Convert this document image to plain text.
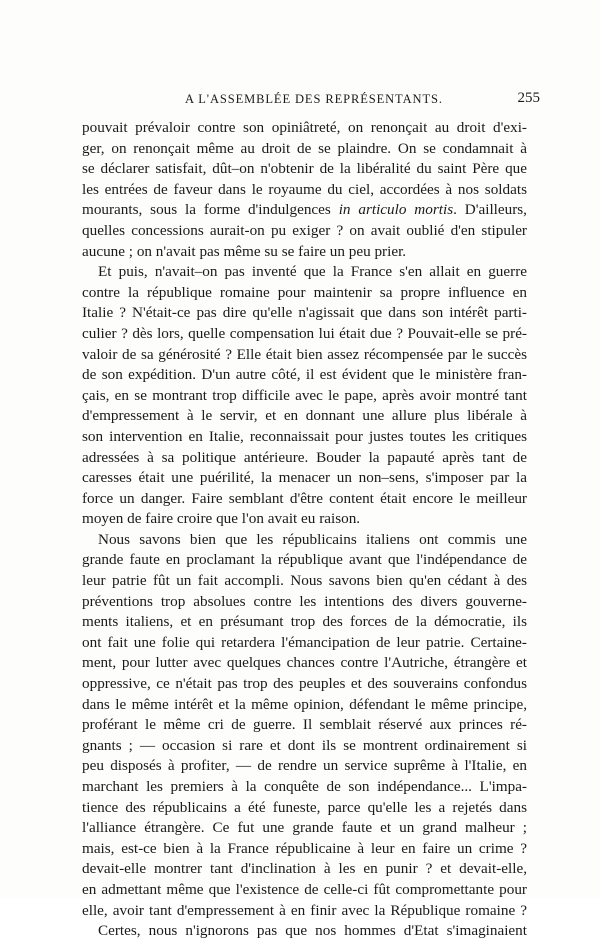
A L'ASSEMBLÉE DES REPRÉSENTANTS.	255
pouvait prévaloir contre son opiniâtreté, on renonçait au droit d'exi-
ger, on renonçait même au droit de se plaindre. On se condamnait à
se déclarer satisfait, dût–on n'obtenir de la libéralité du saint Père que
les entrées de faveur dans le royaume du ciel, accordées à nos soldats
mourants, sous la forme d'indulgences in articulo mortis. D'ailleurs,
quelles concessions aurait-on pu exiger ? on avait oublié d'en stipuler
aucune ; on n'avait pas même su se faire un peu prier.
Et puis, n'avait–on pas inventé que la France s'en allait en guerre
contre la république romaine pour maintenir sa propre influence en
Italie ? N'était-ce pas dire qu'elle n'agissait que dans son intérêt parti-
culier ? dès lors, quelle compensation lui était due ? Pouvait-elle se pré-
valoir de sa générosité ? Elle était bien assez récompensée par le succès
de son expédition. D'un autre côté, il est évident que le ministère fran-
çais, en se montrant trop difficile avec le pape, après avoir montré tant
d'empressement à le servir, et en donnant une allure plus libérale à
son intervention en Italie, reconnaissait pour justes toutes les critiques
adressées à sa politique antérieure. Bouder la papauté après tant de
caresses était une puérilité, la menacer un non–sens, s'imposer par la
force un danger. Faire semblant d'être content était encore le meilleur
moyen de faire croire que l'on avait eu raison.
Nous savons bien que les républicains italiens ont commis une
grande faute en proclamant la république avant que l'indépendance de
leur patrie fût un fait accompli. Nous savons bien qu'en cédant à des
préventions trop absolues contre les intentions des divers gouverne-
ments italiens, et en présumant trop des forces de la démocratie, ils
ont fait une folie qui retardera l'émancipation de leur patrie. Certaine-
ment, pour lutter avec quelques chances contre l'Autriche, étrangère et
oppressive, ce n'était pas trop des peuples et des souverains confondus
dans le même intérêt et la même opinion, défendant le même principe,
proférant le même cri de guerre. Il semblait réservé aux princes ré-
gnants ; — occasion si rare et dont ils se montrent ordinairement si
peu disposés à profiter, — de rendre un service suprême à l'Italie, en
marchant les premiers à la conquête de son indépendance... L'impa-
tience des républicains a été funeste, parce qu'elle les a rejetés dans
l'alliance étrangère. Ce fut une grande faute et un grand malheur ;
mais, est-ce bien à la France républicaine à leur en faire un crime ?
devait-elle montrer tant d'inclination à les en punir ? et devait-elle,
en admettant même que l'existence de celle-ci fût compromettante pour
elle, avoir tant d'empressement à en finir avec la République romaine ?
Certes, nous n'ignorons pas que nos hommes d'Etat s'imaginaient
